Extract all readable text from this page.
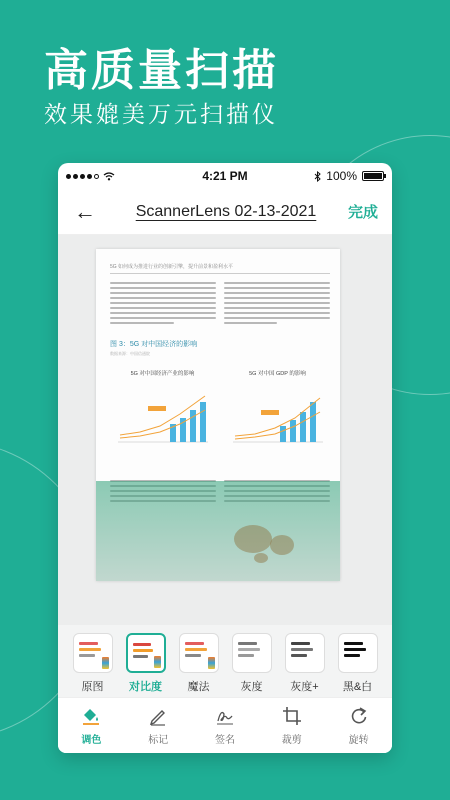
高质量扫描
效果媲美万元扫描仪
4:21 PM	100%
←	ScannerLens 02-13-2021 完成
5G 如何成为推进行业的创新引擎，提升前景和盈利水平
图 3：5G 对中国经济的影响
数据来源：中国信通院
5G 对中国经济产业的影响	5G 对中国 GDP 的影响
原图 对比度 魔法	灰度	灰度+ 黑&白
调色	标记	签名	裁剪	旋转
